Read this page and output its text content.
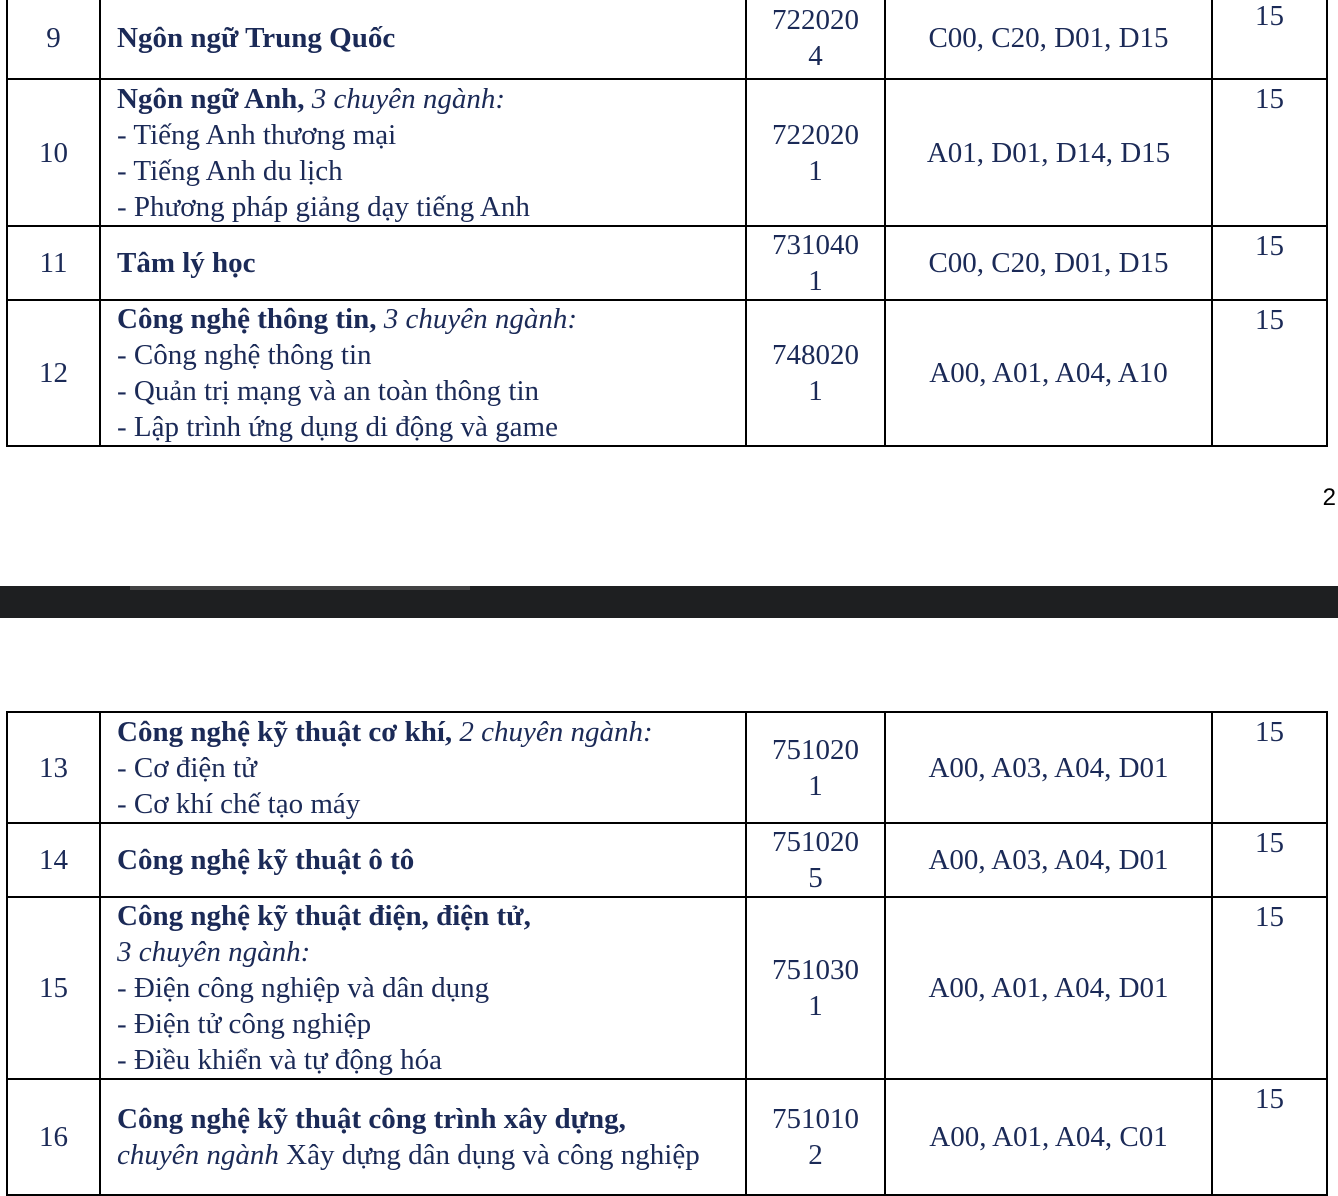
9	Ngôn ngữ Trung Quốc	7220204	C00, C20, D01, D15	15
10	Ngôn ngữ Anh, 3 chuyên ngành:
- Tiếng Anh thương mại
- Tiếng Anh du lịch
- Phương pháp giảng dạy tiếng Anh	7220201	A01, D01, D14, D15	15
11	Tâm lý học	7310401	C00, C20, D01, D15	15
12	Công nghệ thông tin, 3 chuyên ngành:
- Công nghệ thông tin
- Quản trị mạng và an toàn thông tin
- Lập trình ứng dụng di động và game	7480201	A00, A01, A04, A10	15
2
13	Công nghệ kỹ thuật cơ khí, 2 chuyên ngành:
- Cơ điện tử
- Cơ khí chế tạo máy	7510201	A00, A03, A04, D01	15
14	Công nghệ kỹ thuật ô tô	7510205	A00, A03, A04, D01	15
15	Công nghệ kỹ thuật điện, điện tử,
3 chuyên ngành:
- Điện công nghiệp và dân dụng
- Điện tử công nghiệp
- Điều khiển và tự động hóa	7510301	A00, A01, A04, D01	15
16	Công nghệ kỹ thuật công trình xây dựng,
chuyên ngành Xây dựng dân dụng và công nghiệp	7510102	A00, A01, A04, C01	15
